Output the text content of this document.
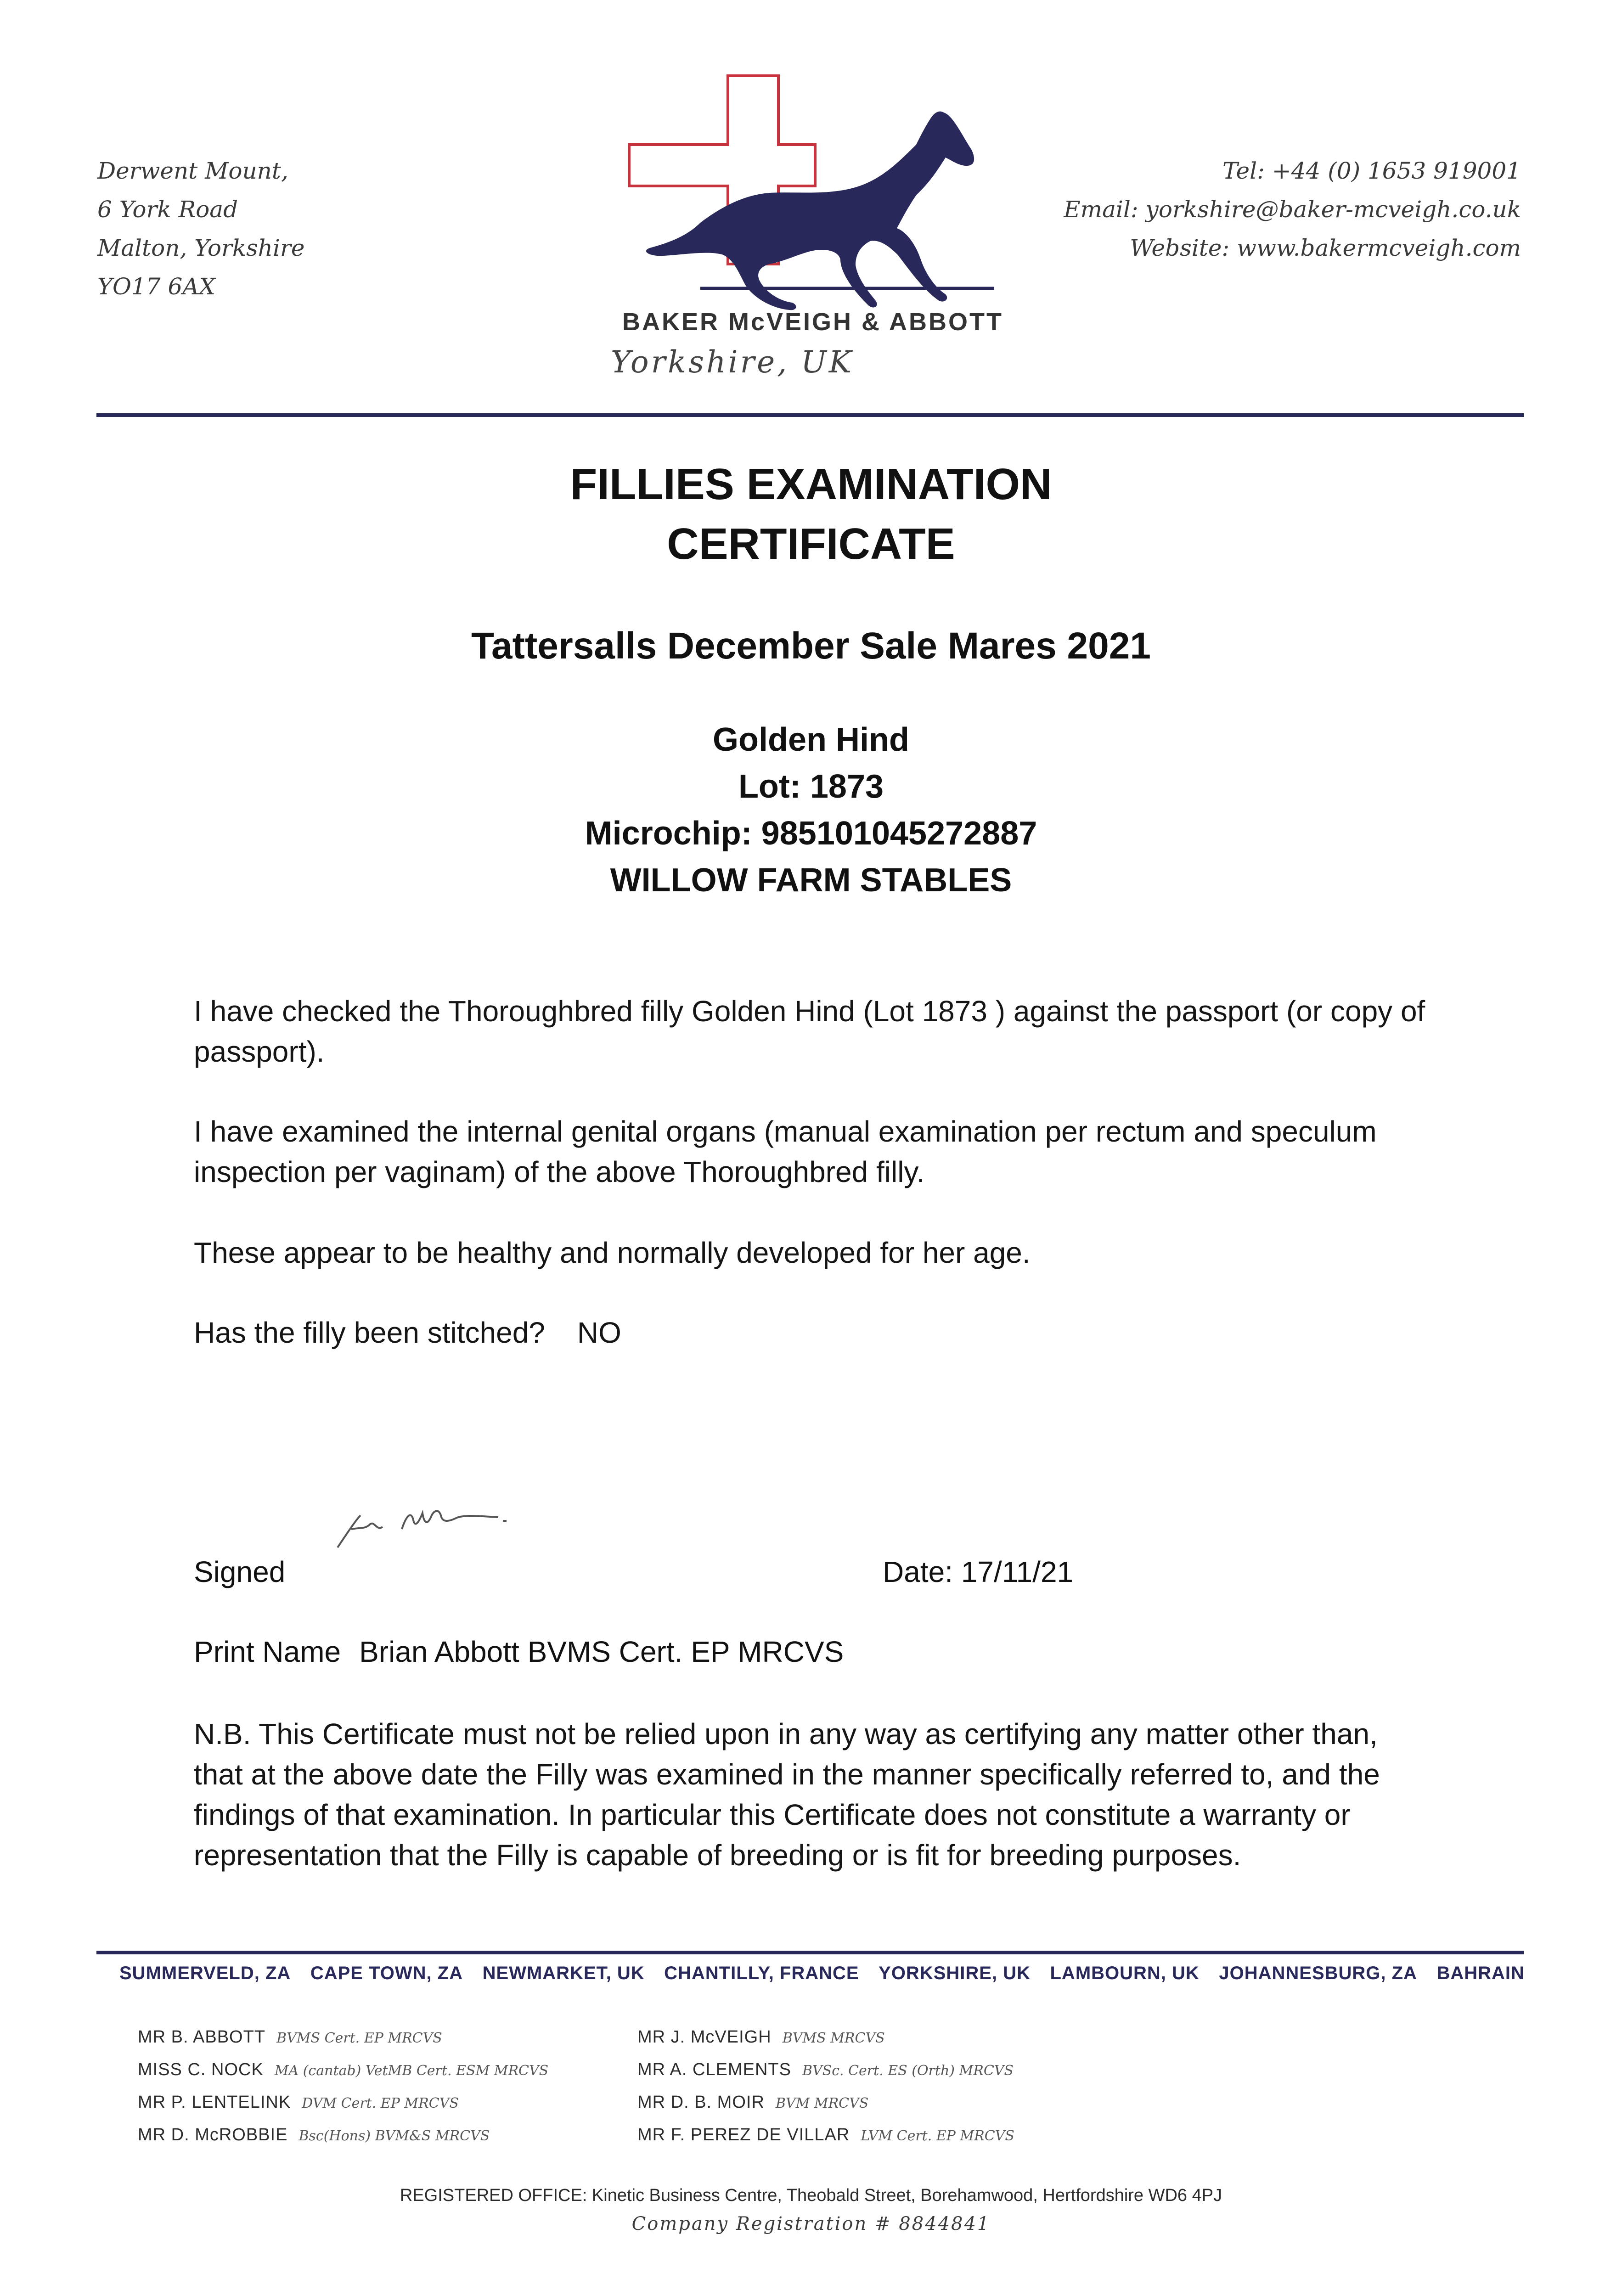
Derwent Mount,
6 York Road
Malton, Yorkshire
YO17 6AX
BAKER McVEIGH & ABBOTT
Yorkshire, UK
Tel: +44 (0) 1653 919001
Email: yorkshire@baker-mcveigh.co.uk
Website: www.bakermcveigh.com
FILLIES EXAMINATION
CERTIFICATE
Tattersalls December Sale Mares 2021
Golden Hind
Lot: 1873
Microchip: 985101045272887
WILLOW FARM STABLES
I have checked the Thoroughbred filly Golden Hind (Lot 1873 ) against the passport (or copy of passport).
I have examined the internal genital organs (manual examination per rectum and speculum inspection per vaginam) of the above Thoroughbred filly.
These appear to be healthy and normally developed for her age.
Has the filly been stitched? NO
Signed	Date: 17/11/21
Print Name Brian Abbott BVMS Cert. EP MRCVS
N.B. This Certificate must not be relied upon in any way as certifying any matter other than, that at the above date the Filly was examined in the manner specifically referred to, and the findings of that examination. In particular this Certificate does not constitute a warranty or representation that the Filly is capable of breeding or is fit for breeding purposes.
SUMMERVELD, ZA CAPE TOWN, ZA NEWMARKET, UK CHANTILLY, FRANCE YORKSHIRE, UK LAMBOURN, UK JOHANNESBURG, ZA BAHRAIN
MR B. ABBOTT BVMS Cert. EP MRCVS
MISS C. NOCK MA (cantab) VetMB Cert. ESM MRCVS
MR P. LENTELINK DVM Cert. EP MRCVS
MR D. McROBBIE Bsc(Hons) BVM&S MRCVS
MR J. McVEIGH BVMS MRCVS
MR A. CLEMENTS BVSc. Cert. ES (Orth) MRCVS
MR D. B. MOIR BVM MRCVS
MR F. PEREZ DE VILLAR LVM Cert. EP MRCVS
REGISTERED OFFICE: Kinetic Business Centre, Theobald Street, Borehamwood, Hertfordshire WD6 4PJ
Company Registration # 8844841
